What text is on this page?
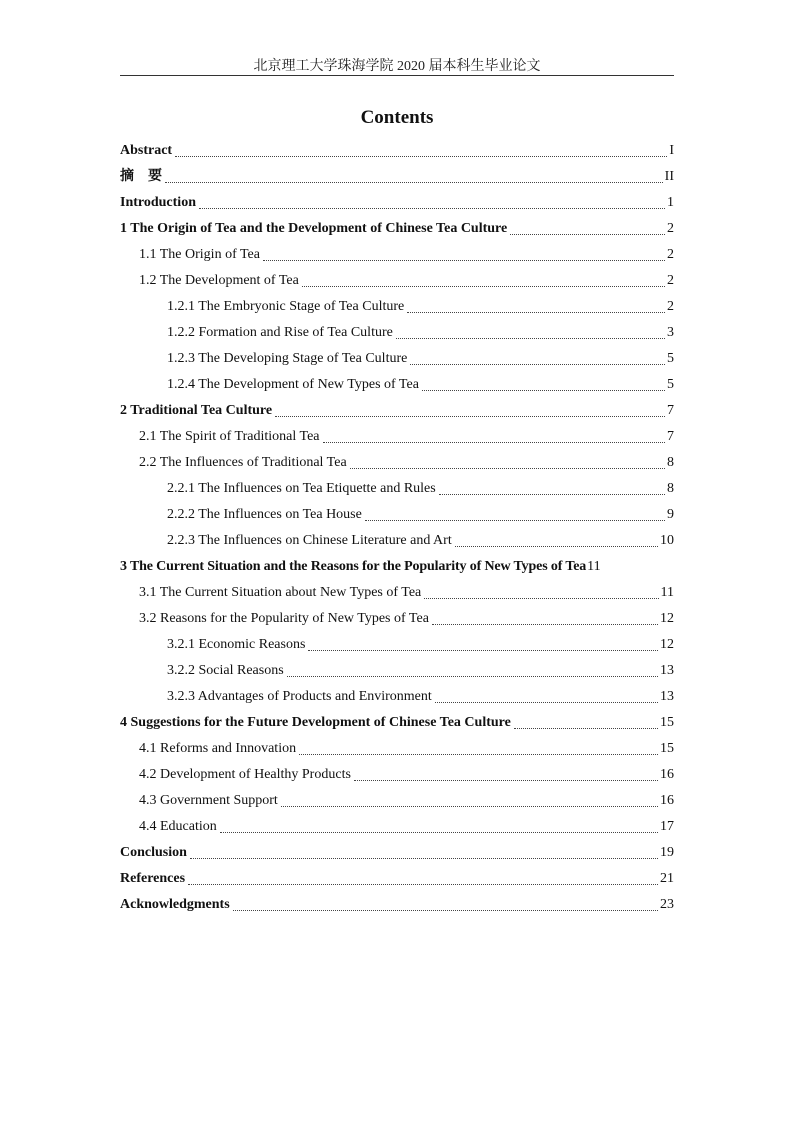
北京理工大学珠海学院 2020 届本科生毕业论文
Contents
Abstract	I
摘　要	II
Introduction	1
1 The Origin of Tea and the Development of Chinese Tea Culture	2
1.1 The Origin of Tea	2
1.2 The Development of Tea	2
1.2.1 The Embryonic Stage of Tea Culture	2
1.2.2 Formation and Rise of Tea Culture	3
1.2.3 The Developing Stage of Tea Culture	5
1.2.4 The Development of New Types of Tea	5
2 Traditional Tea Culture	7
2.1 The Spirit of Traditional Tea	7
2.2 The Influences of Traditional Tea	8
2.2.1 The Influences on Tea Etiquette and Rules	8
2.2.2 The Influences on Tea House	9
2.2.3 The Influences on Chinese Literature and Art	10
3 The Current Situation and the Reasons for the Popularity of New Types of Tea 11
3.1 The Current Situation about New Types of Tea	11
3.2 Reasons for the Popularity of New Types of Tea	12
3.2.1 Economic Reasons	12
3.2.2 Social Reasons	13
3.2.3 Advantages of Products and Environment	13
4 Suggestions for the Future Development of Chinese Tea Culture	15
4.1 Reforms and Innovation	15
4.2 Development of Healthy Products	16
4.3 Government Support	16
4.4 Education	17
Conclusion	19
References	21
Acknowledgments	23
